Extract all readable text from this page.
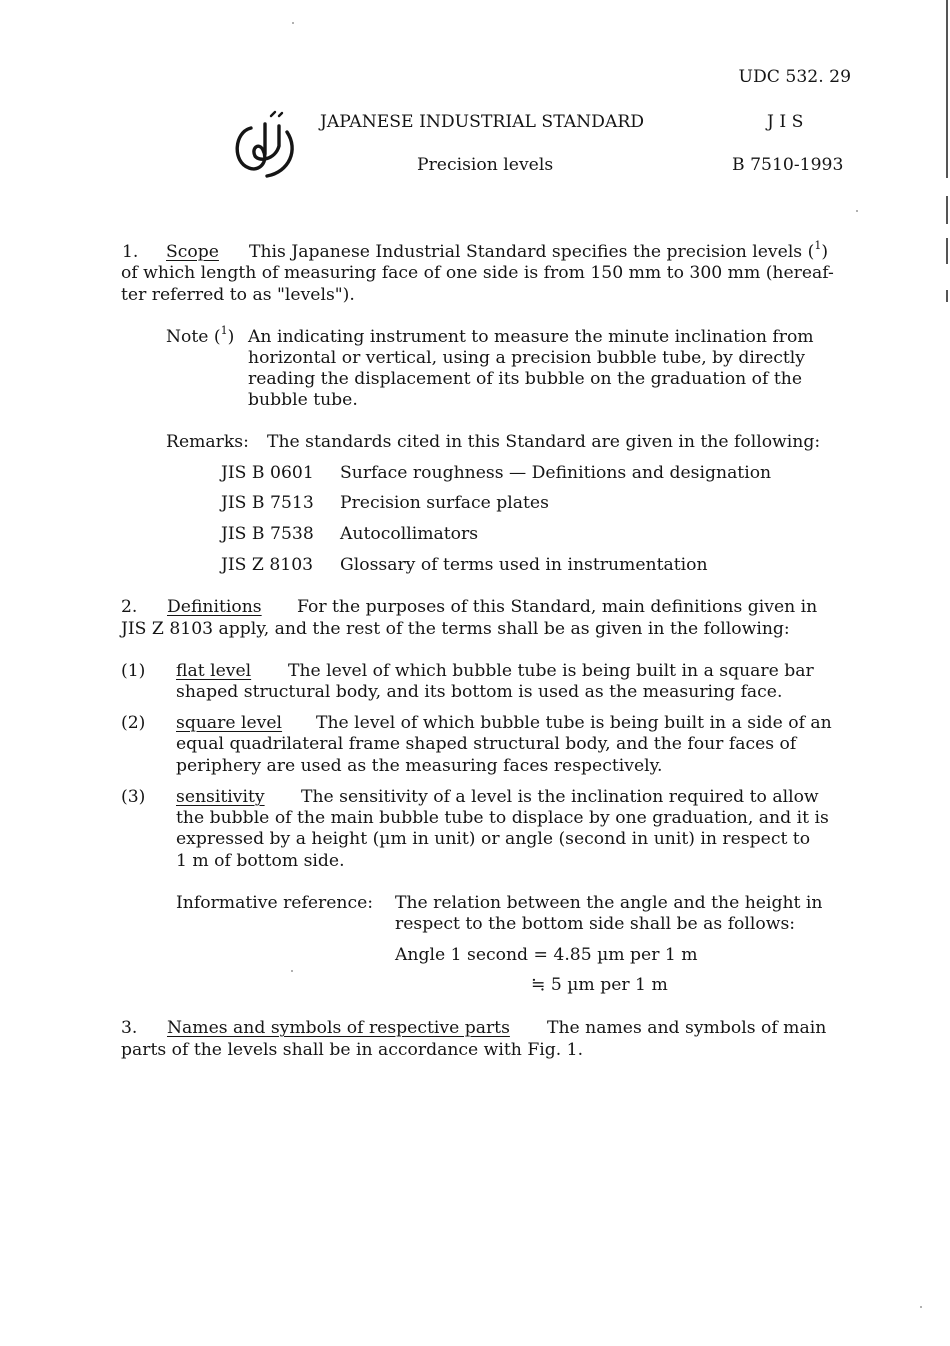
UDC 532. 29
JAPANESE INDUSTRIAL STANDARD	J I S
Precision levels	B 7510-1993
1. Scope This Japanese Industrial Standard specifies the precision levels ($^1$)
of which length of measuring face of one side is from 150 mm to 300 mm (hereaf-
ter referred to as "levels").
Note ($^1$) An indicating instrument to measure the minute inclination from
horizontal or vertical, using a precision bubble tube, by directly
reading the displacement of its bubble on the graduation of the
bubble tube.
Remarks: The standards cited in this Standard are given in the following:
JIS B 0601 Surface roughness — Definitions and designation
JIS B 7513 Precision surface plates
JIS B 7538 Autocollimators
JIS Z 8103 Glossary of terms used in instrumentation
2. Definitions For the purposes of this Standard, main definitions given in
JIS Z 8103 apply, and the rest of the terms shall be as given in the following:
(1) flat level The level of which bubble tube is being built in a square bar
shaped structural body, and its bottom is used as the measuring face.
(2) square level The level of which bubble tube is being built in a side of an
equal quadrilateral frame shaped structural body, and the four faces of
periphery are used as the measuring faces respectively.
(3) sensitivity The sensitivity of a level is the inclination required to allow
the bubble of the main bubble tube to displace by one graduation, and it is
expressed by a height (µm in unit) or angle (second in unit) in respect to
1 m of bottom side.
Informative reference: The relation between the angle and the height in
respect to the bottom side shall be as follows:
Angle 1 second = 4.85 µm per 1 m
≒ 5 µm per 1 m
3. Names and symbols of respective parts The names and symbols of main
parts of the levels shall be in accordance with Fig. 1.
